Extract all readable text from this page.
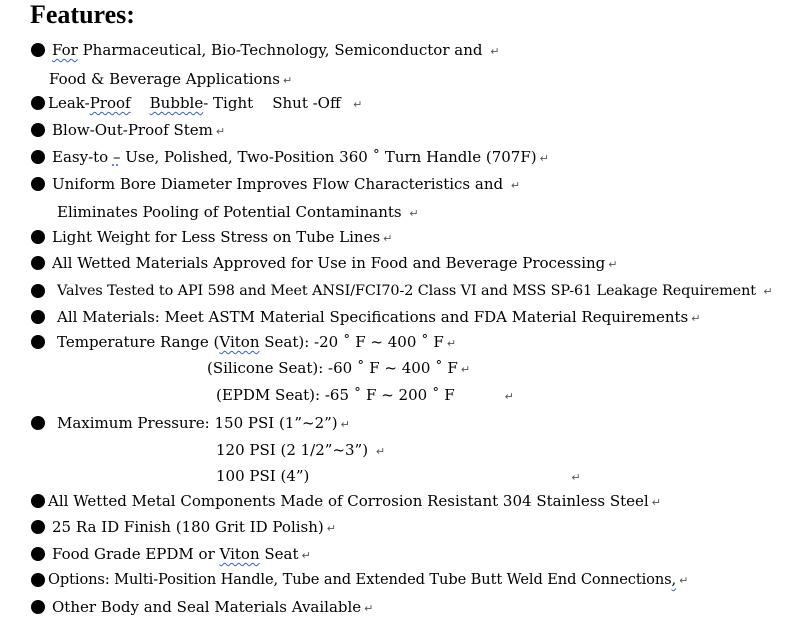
Features:
For Pharmaceutical, Bio-Technology, Semiconductor and ↵
Food & Beverage Applications ↵
Leak-Proof Bubble- Tight    Shut -Off  ↵
Blow-Out-Proof Stem ↵
Easy-to – Use, Polished, Two-Position 360 ˚ Turn Handle (707F) ↵
Uniform Bore Diameter Improves Flow Characteristics and ↵
Eliminates Pooling of Potential Contaminants ↵
Light Weight for Less Stress on Tube Lines ↵
All Wetted Materials Approved for Use in Food and Beverage Processing ↵
Valves Tested to API 598 and Meet ANSI/FCI70-2 Class VI and MSS SP-61 Leakage Requirement ↵
All Materials: Meet ASTM Material Specifications and FDA Material Requirements ↵
Temperature Range (Viton Seat): -20 ˚ F ~ 400 ˚ F ↵
(Silicone Seat): -60 ˚ F ~ 400 ˚ F ↵
(EPDM Seat): -65 ˚ F ~ 200 ˚ F	↵
Maximum Pressure: 150 PSI (1”~2”) ↵
120 PSI (2 1/2”~3”) ↵
100 PSI (4”)	↵
All Wetted Metal Components Made of Corrosion Resistant 304 Stainless Steel ↵
25 Ra ID Finish (180 Grit ID Polish) ↵
Food Grade EPDM or Viton Seat ↵
Options: Multi-Position Handle, Tube and Extended Tube Butt Weld End Connections, ↵
Other Body and Seal Materials Available ↵
